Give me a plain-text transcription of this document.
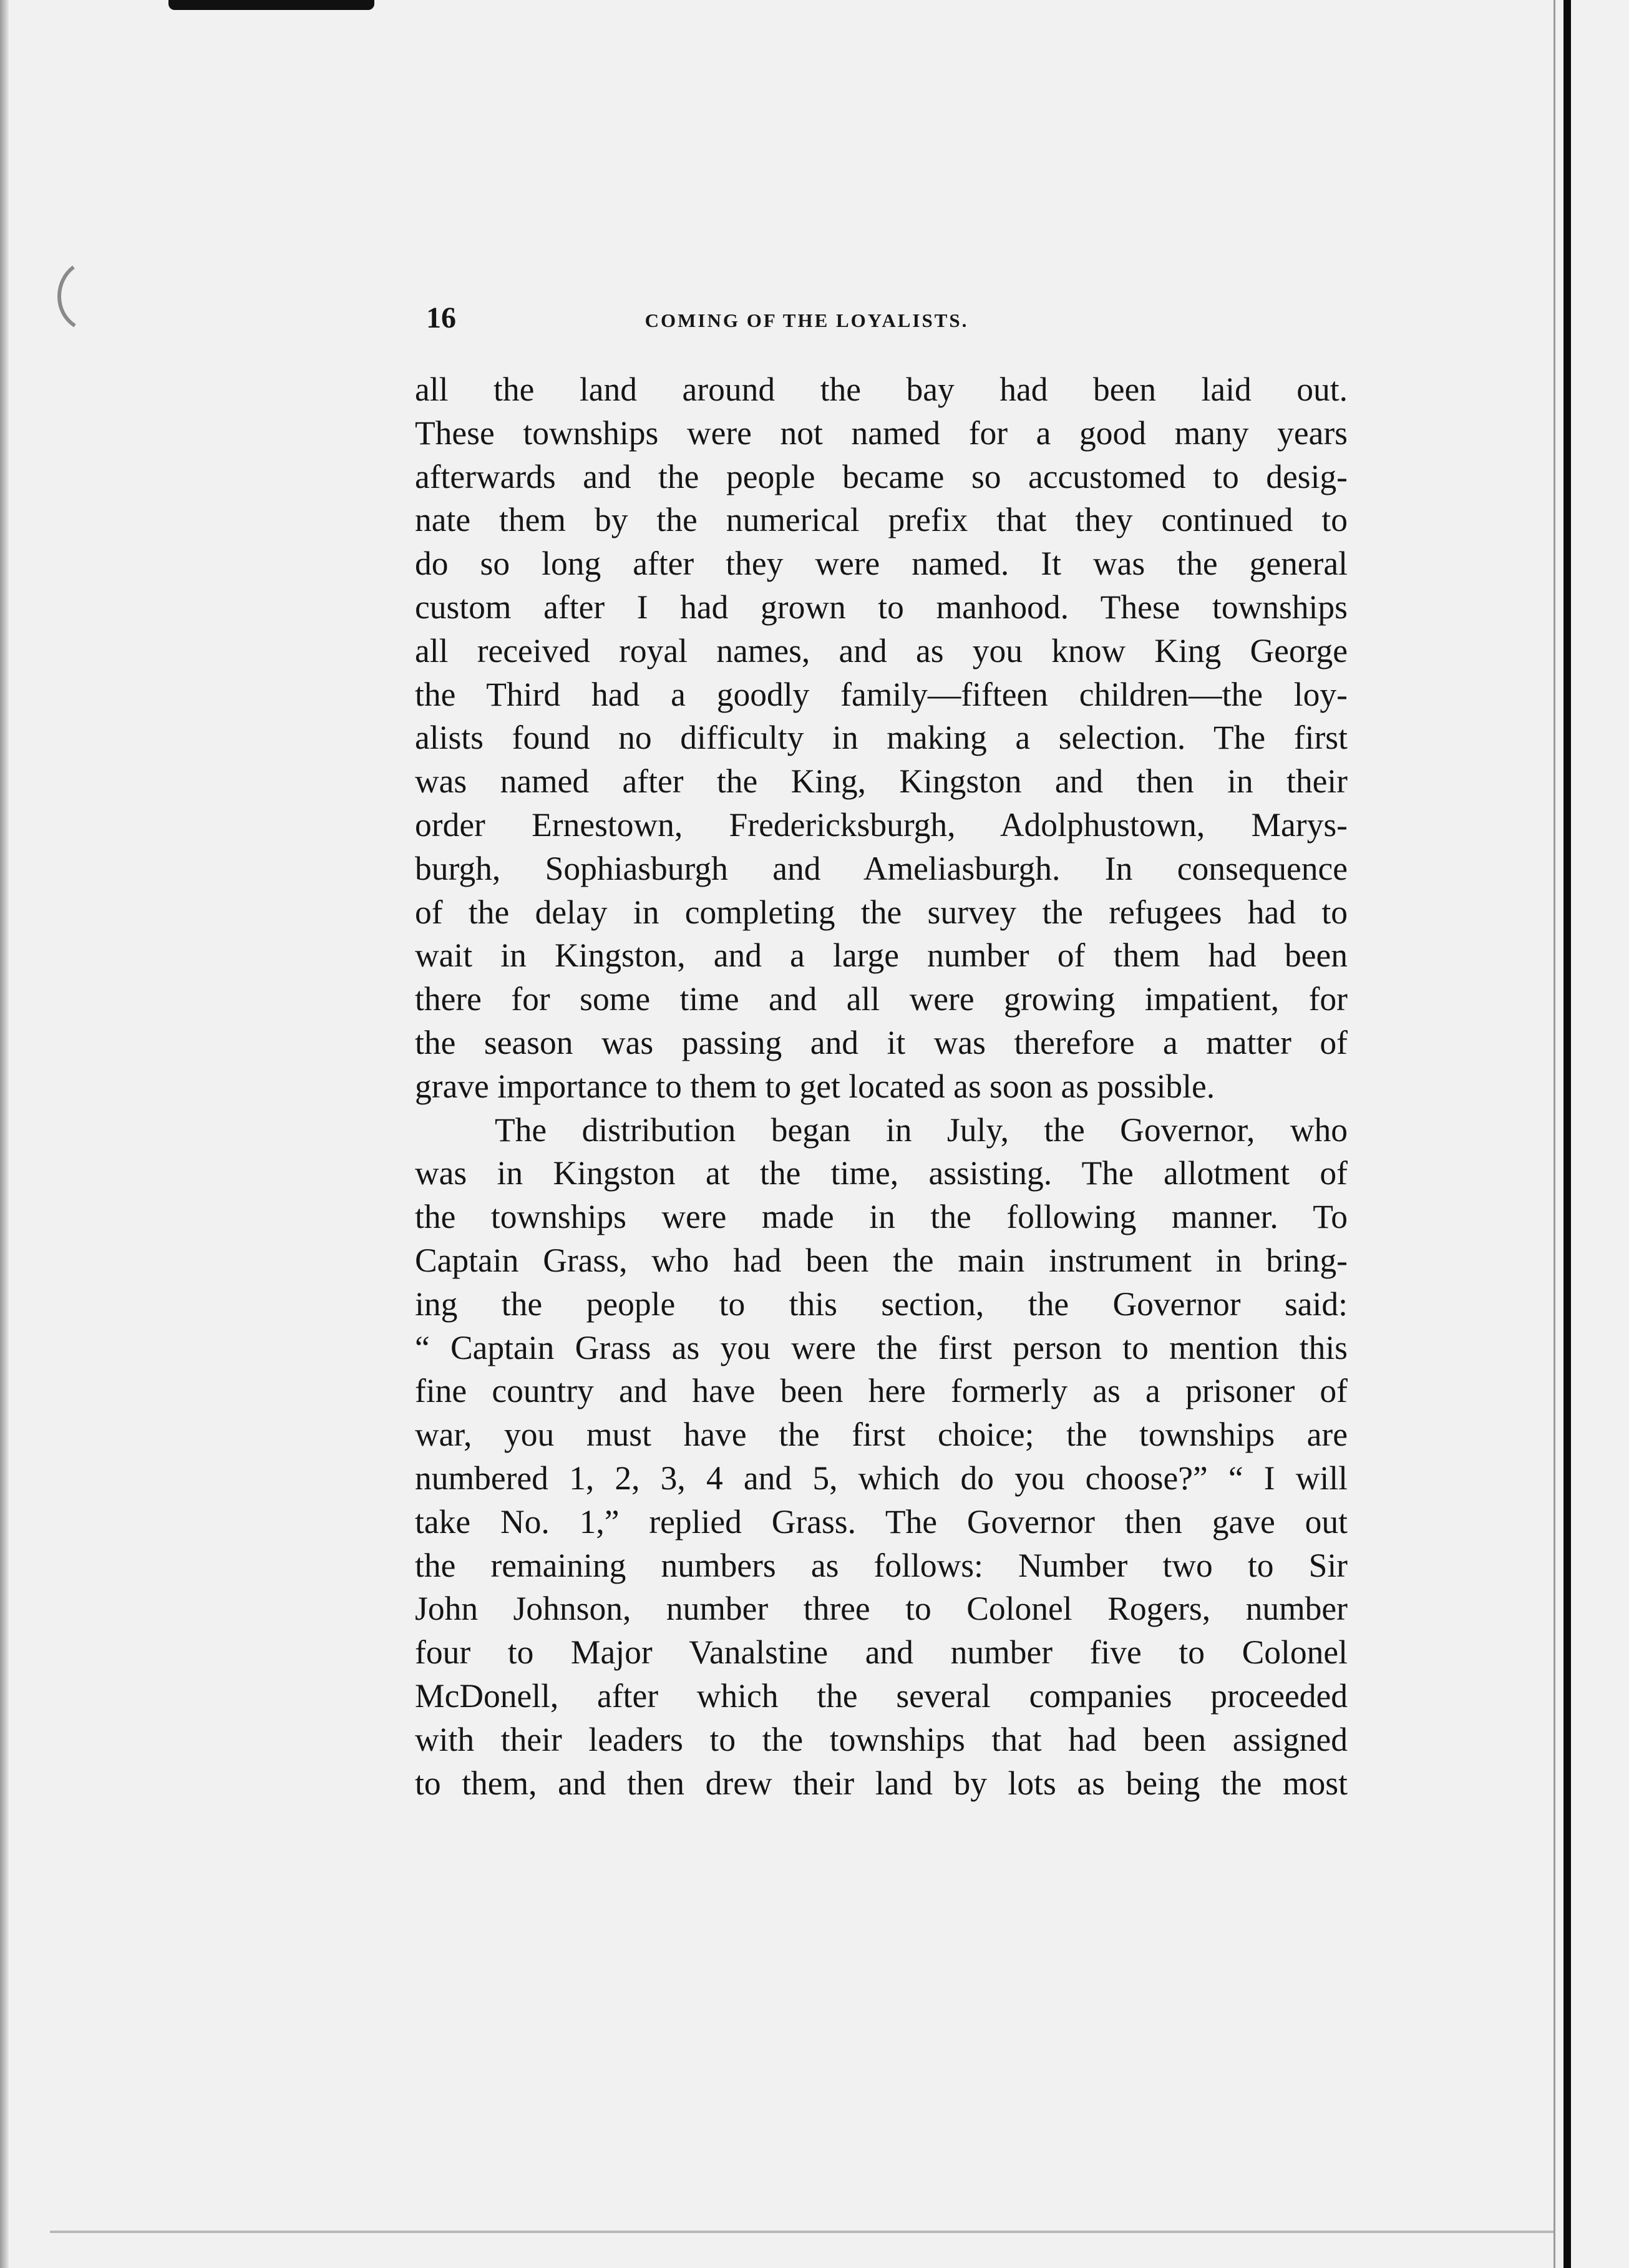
16	COMING OF THE LOYALISTS.
all the land around the bay had been laid out.
These townships were not named for a good many years
afterwards and the people became so accustomed to desig-
nate them by the numerical prefix that they continued to
do so long after they were named. It was the general
custom after I had grown to manhood. These townships
all received royal names, and as you know King George
the Third had a goodly family—fifteen children—the loy-
alists found no difficulty in making a selection. The first
was named after the King, Kingston and then in their
order Ernestown, Fredericksburgh, Adolphustown, Marys-
burgh, Sophiasburgh and Ameliasburgh. In consequence
of the delay in completing the survey the refugees had to
wait in Kingston, and a large number of them had been
there for some time and all were growing impatient, for
the season was passing and it was therefore a matter of
grave importance to them to get located as soon as possible.
The distribution began in July, the Governor, who
was in Kingston at the time, assisting. The allotment of
the townships were made in the following manner. To
Captain Grass, who had been the main instrument in bring-
ing the people to this section, the Governor said:
“ Captain Grass as you were the first person to mention this
fine country and have been here formerly as a prisoner of
war, you must have the first choice; the townships are
numbered 1, 2, 3, 4 and 5, which do you choose?” “ I will
take No. 1,” replied Grass. The Governor then gave out
the remaining numbers as follows: Number two to Sir
John Johnson, number three to Colonel Rogers, number
four to Major Vanalstine and number five to Colonel
McDonell, after which the several companies proceeded
with their leaders to the townships that had been assigned
to them, and then drew their land by lots as being the most
